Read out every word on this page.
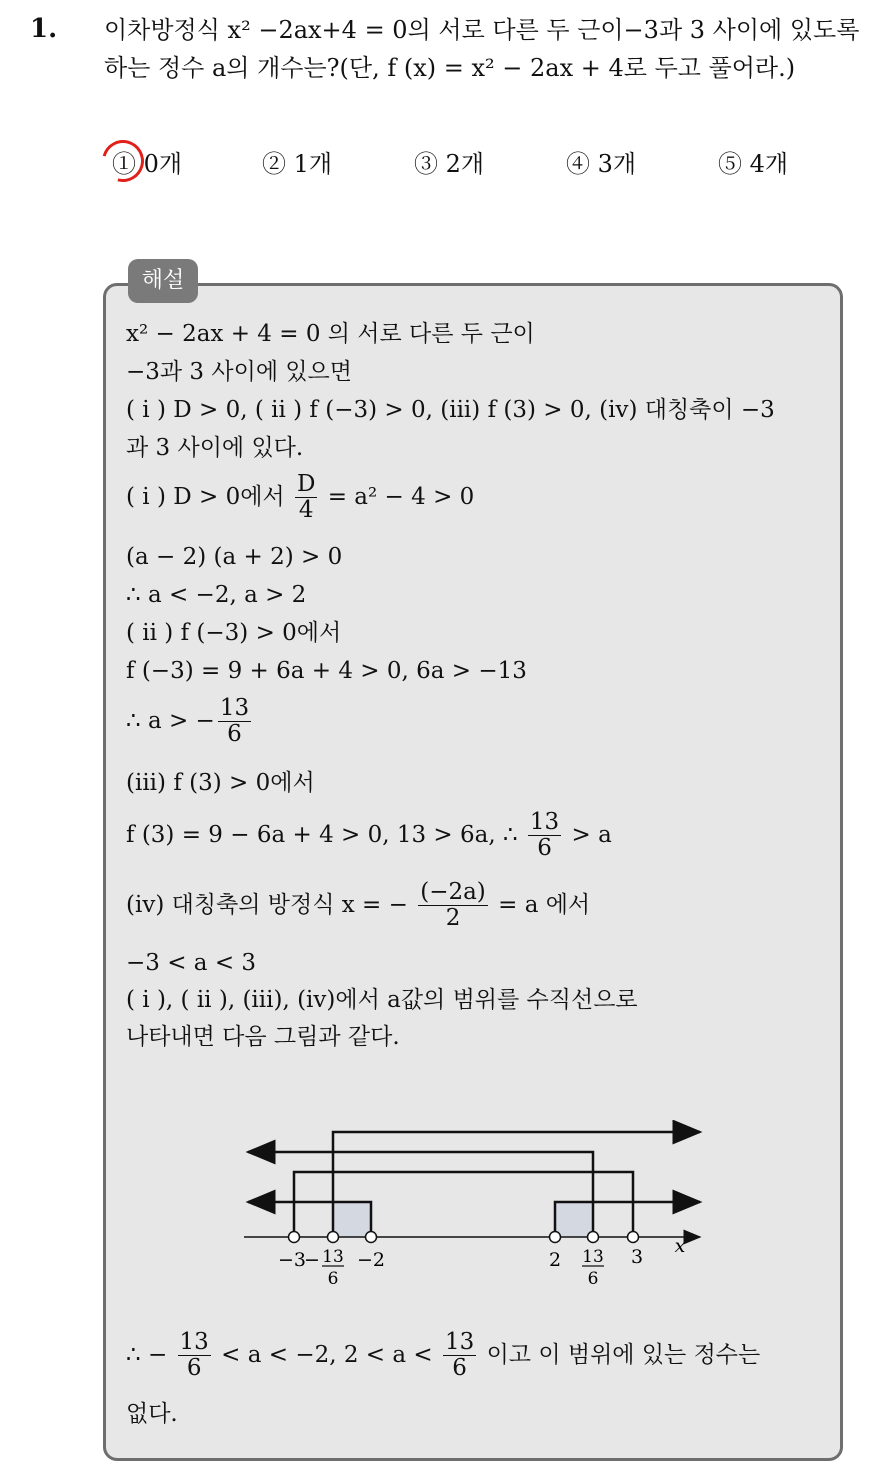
1. 이차방정식 x² −2ax+4 = 0의 서로 다른 두 근이−3과 3 사이에 있도록
하는 정수 a의 개수는?(단, f (x) = x² − 2ax + 4로 두고 풀어라.)
① 0개	② 1개	③ 2개	④ 3개	⑤ 4개
해설
x² − 2ax + 4 = 0 의 서로 다른 두 근이
−3과 3 사이에 있으면
( i ) D > 0, ( ii ) f (−3) > 0, (iii) f (3) > 0, (ⅳ) 대칭축이 −3
과 3 사이에 있다.
( i ) D > 0에서 $\frac{D}{4} = a^2 - 4 > 0$
(a − 2) (a + 2) > 0
∴ a < −2, a > 2
( ii ) f (−3) > 0에서
f (−3) = 9 + 6a + 4 > 0, 6a > −13
∴ a > − $\frac{13}{6}$
(iii) f (3) > 0에서
f (3) = 9 − 6a + 4 > 0, 13 > 6a, ∴ $\frac{13}{6} > a$
(ⅳ) 대칭축의 방정식 x = − $\frac{(-2a)}{2} = a$ 에서
−3 < a < 3
( i ), ( ii ), (iii), (ⅳ)에서 a값의 범위를 수직선으로
나타내면 다음 그림과 같다.
−3
− 13
6
−2	2 13
6
3 x
∴ − $\frac{13}{6} < a < -2$, $2 < a < \frac{13}{6}$ 이고 이 범위에 있는 정수는
없다.
